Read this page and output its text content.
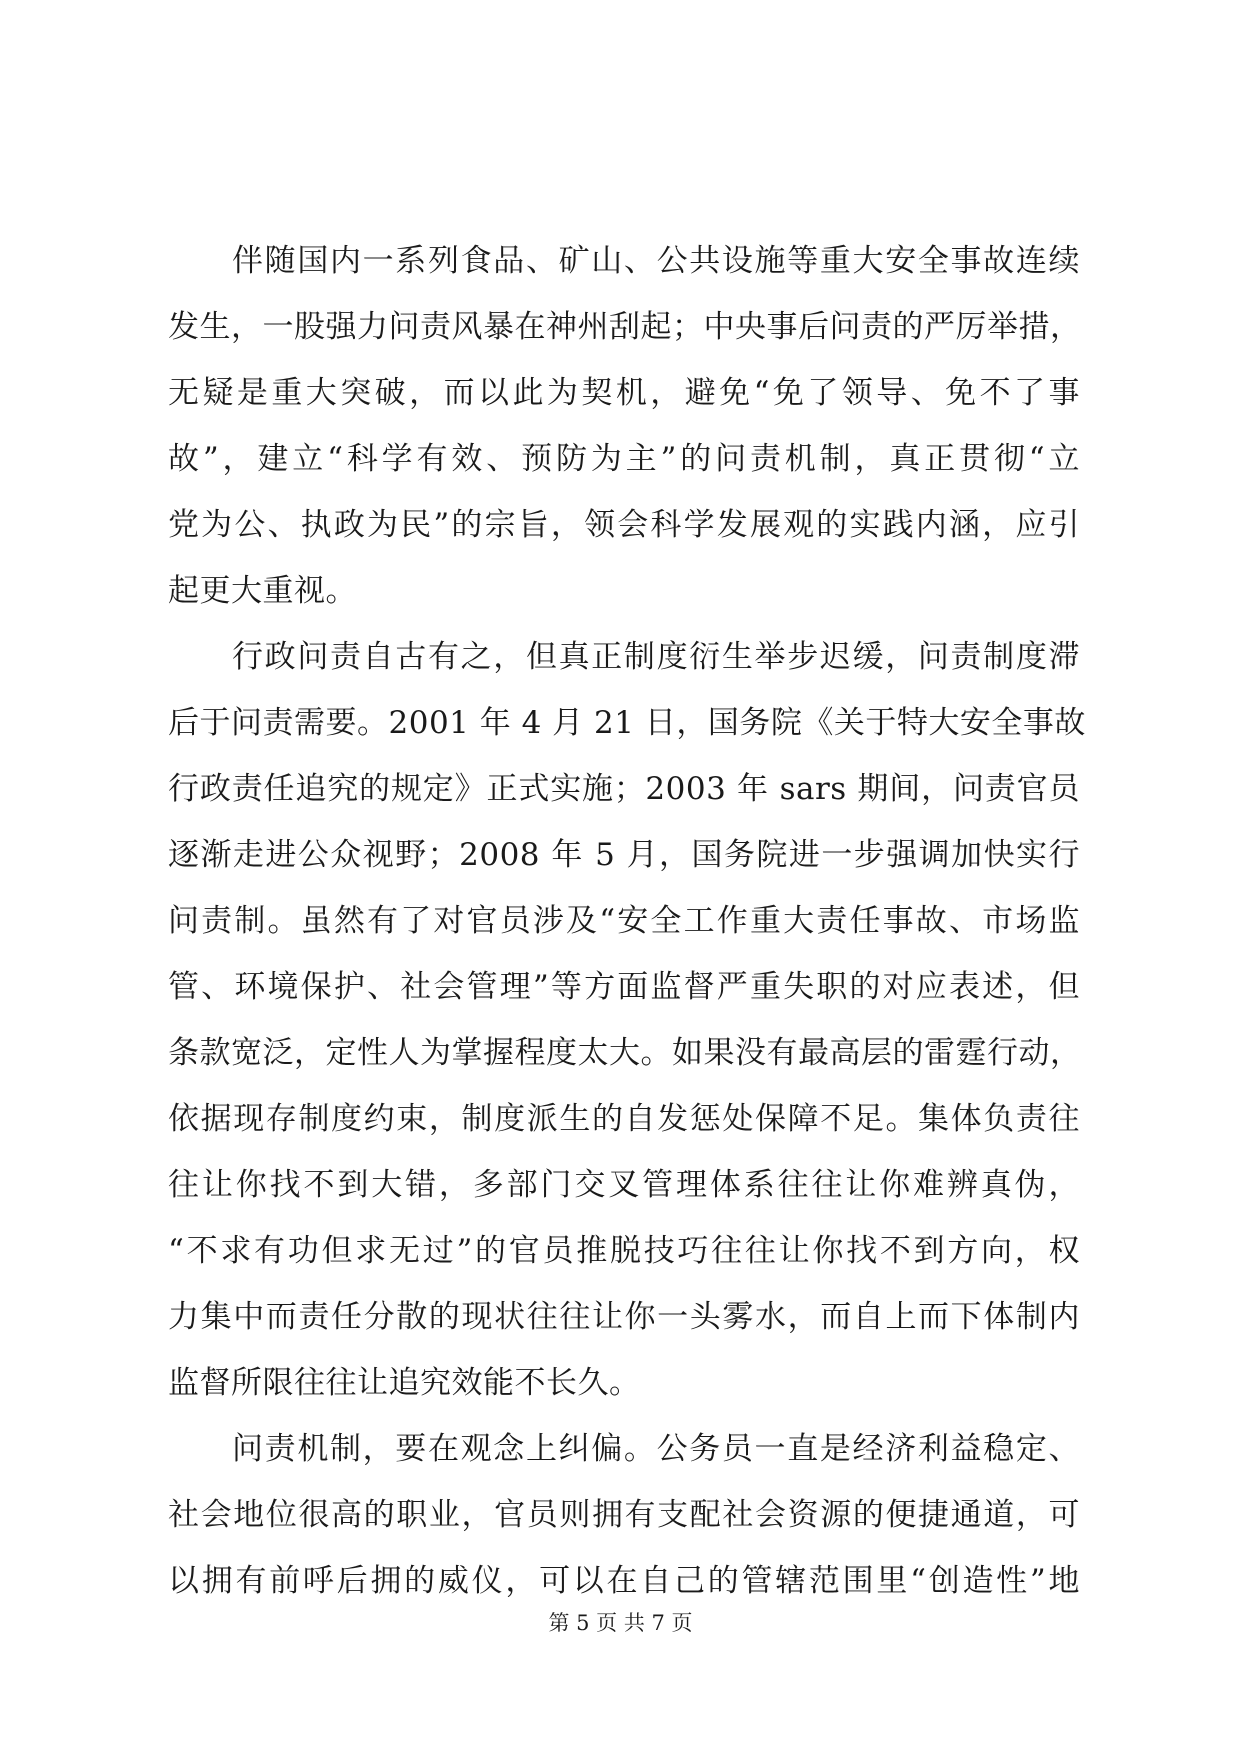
伴随国内一系列食品、矿山、公共设施等重大安全事故连续
发生，一股强力问责风暴在神州刮起；中央事后问责的严厉举措，
无疑是重大突破，而以此为契机，避免“免了领导、免不了事
故”，建立“科学有效、预防为主”的问责机制，真正贯彻“立
党为公、执政为民”的宗旨，领会科学发展观的实践内涵，应引
起更大重视。
行政问责自古有之，但真正制度衍生举步迟缓，问责制度滞
后于问责需要。2001 年 4 月 21 日，国务院《关于特大安全事故
行政责任追究的规定》正式实施；2003 年 sars 期间，问责官员
逐渐走进公众视野；2008 年 5 月，国务院进一步强调加快实行
问责制。虽然有了对官员涉及“安全工作重大责任事故、市场监
管、环境保护、社会管理”等方面监督严重失职的对应表述，但
条款宽泛，定性人为掌握程度太大。如果没有最高层的雷霆行动，
依据现存制度约束，制度派生的自发惩处保障不足。集体负责往
往让你找不到大错，多部门交叉管理体系往往让你难辨真伪，
“不求有功但求无过”的官员推脱技巧往往让你找不到方向，权
力集中而责任分散的现状往往让你一头雾水，而自上而下体制内
监督所限往往让追究效能不长久。
问责机制，要在观念上纠偏。公务员一直是经济利益稳定、
社会地位很高的职业，官员则拥有支配社会资源的便捷通道，可
以拥有前呼后拥的威仪，可以在自己的管辖范围里“创造性”地
第 5 页 共 7 页
